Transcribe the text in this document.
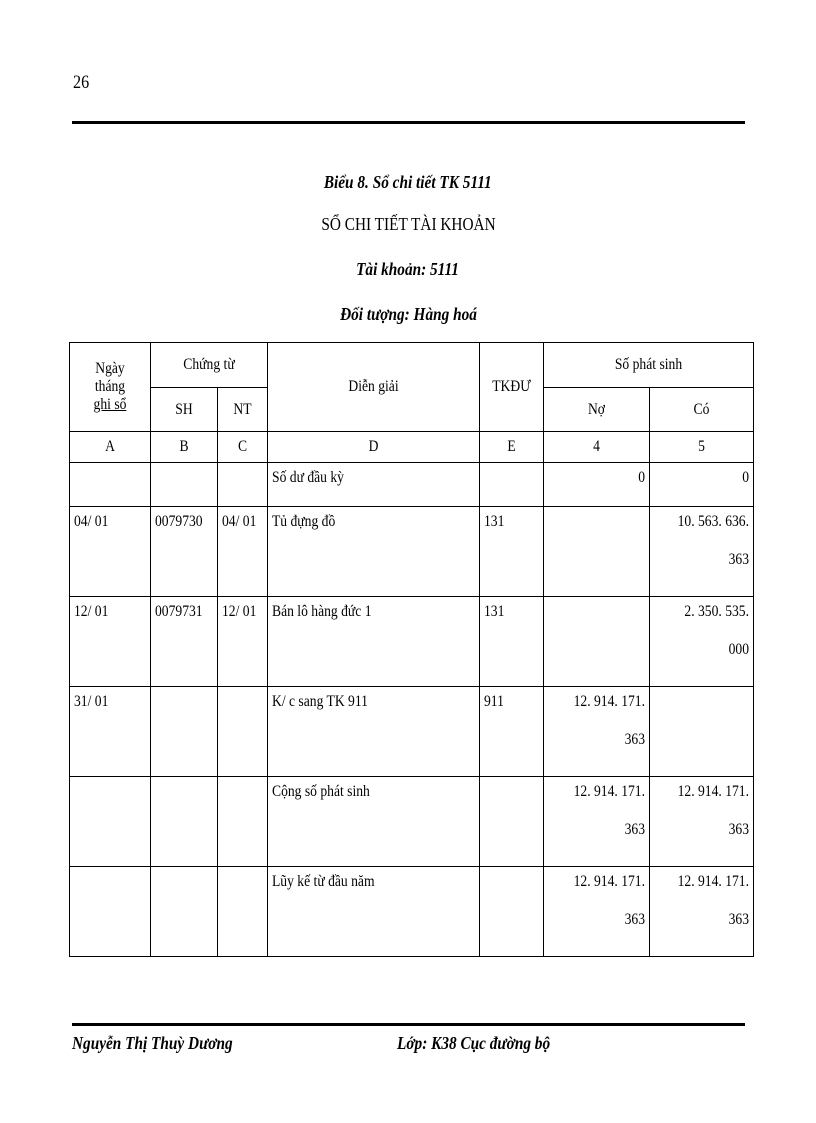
26
Biểu 8. Sổ chi tiết TK 5111
SỔ CHI TIẾT TÀI KHOẢN
Tài khoản: 5111
Đối tượng: Hàng hoá
Ngày
tháng
ghi sổ	Chứng từ		Diễn giải	TKĐƯ	Số phát sinh	

	SH	NT			Nợ	Có

A	B	C	D	E	4	5

			Số dư đầu kỳ		0	0

04/ 01	0079730	04/ 01	Tủ đựng đồ	131		10. 563. 636.
363

12/ 01	0079731	12/ 01	Bán lô hàng đức 1	131		2. 350. 535.
000

31/ 01			K/ c sang TK 911	911	12. 914. 171.
363	

			Cộng số phát sinh		12. 914. 171.
363	12. 914. 171.
363

			Lũy kế từ đầu năm		12. 914. 171.
363	12. 914. 171.
363
Nguyễn Thị Thuỳ Dương	Lớp: K38 Cục đường bộ
